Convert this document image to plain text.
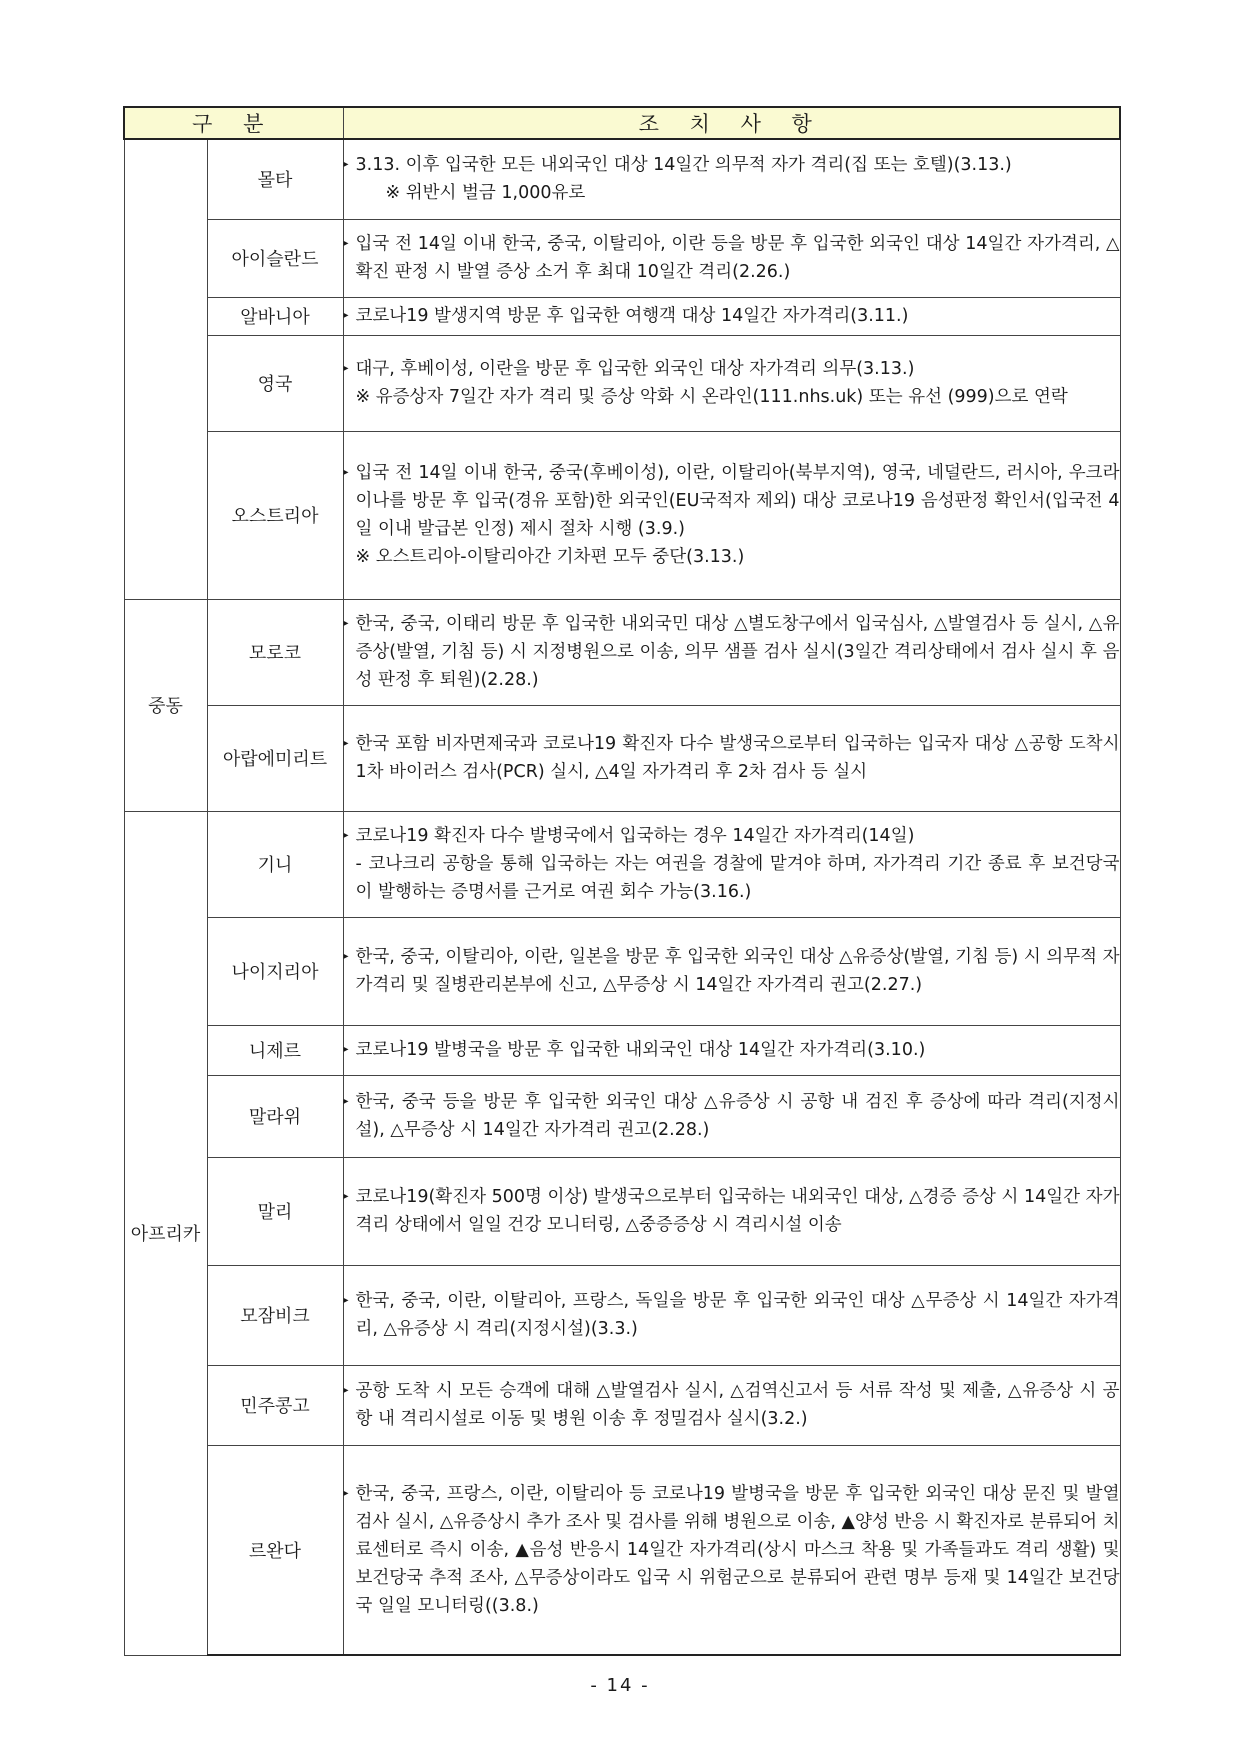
구 분		조 치 사 항
	몰타	▸ 3.13. 이후 입국한 모든 내외국인 대상 14일간 의무적 자가 격리(집 또는 호텔)(3.13.)
※ 위반시 벌금 1,000유로

	아이슬란드	▸ 입국 전 14일 이내 한국, 중국, 이탈리아, 이란 등을 방문 후 입국한 외국인 대상 14일간 자가격리, △확진 판정 시 발열 증상 소거 후 최대 10일간 격리(2.26.)

	알바니아	▸ 코로나19 발생지역 방문 후 입국한 여행객 대상 14일간 자가격리(3.11.)

	영국	▸ 대구, 후베이성, 이란을 방문 후 입국한 외국인 대상 자가격리 의무(3.13.)
※ 유증상자 7일간 자가 격리 및 증상 악화 시 온라인(111.nhs.uk) 또는 유선 (999)으로 연락

	오스트리아	▸ 입국 전 14일 이내 한국, 중국(후베이성), 이란, 이탈리아(북부지역), 영국, 네덜란드, 러시아, 우크라이나를 방문 후 입국(경유 포함)한 외국인(EU국적자 제외) 대상 코로나19 음성판정 확인서(입국전 4일 이내 발급본 인정) 제시 절차 시행 (3.9.)
※ 오스트리아-이탈리아간 기차편 모두 중단(3.13.)

중동	모로코	▸ 한국, 중국, 이태리 방문 후 입국한 내외국민 대상 △별도창구에서 입국심사, △발열검사 등 실시, △유증상(발열, 기침 등) 시 지정병원으로 이송, 의무 샘플 검사 실시(3일간 격리상태에서 검사 실시 후 음성 판정 후 퇴원)(2.28.)

	아랍에미리트	▸ 한국 포함 비자면제국과 코로나19 확진자 다수 발생국으로부터 입국하는 입국자 대상 △공항 도착시 1차 바이러스 검사(PCR) 실시, △4일 자가격리 후 2차 검사 등 실시

아프리카	기니	▸ 코로나19 확진자 다수 발병국에서 입국하는 경우 14일간 자가격리(14일)
- 코나크리 공항을 통해 입국하는 자는 여권을 경찰에 맡겨야 하며, 자가격리 기간 종료 후 보건당국이 발행하는 증명서를 근거로 여권 회수 가능(3.16.)

	나이지리아	▸ 한국, 중국, 이탈리아, 이란, 일본을 방문 후 입국한 외국인 대상 △유증상(발열, 기침 등) 시 의무적 자가격리 및 질병관리본부에 신고, △무증상 시 14일간 자가격리 권고(2.27.)

	니제르	▸ 코로나19 발병국을 방문 후 입국한 내외국인 대상 14일간 자가격리(3.10.)

	말라위	▸ 한국, 중국 등을 방문 후 입국한 외국인 대상 △유증상 시 공항 내 검진 후 증상에 따라 격리(지정시설), △무증상 시 14일간 자가격리 권고(2.28.)

	말리	▸ 코로나19(확진자 500명 이상) 발생국으로부터 입국하는 내외국인 대상, △경증 증상 시 14일간 자가격리 상태에서 일일 건강 모니터링, △중증증상 시 격리시설 이송

	모잠비크	▸ 한국, 중국, 이란, 이탈리아, 프랑스, 독일을 방문 후 입국한 외국인 대상 △무증상 시 14일간 자가격리, △유증상 시 격리(지정시설)(3.3.)

	민주콩고	▸ 공항 도착 시 모든 승객에 대해 △발열검사 실시, △검역신고서 등 서류 작성 및 제출, △유증상 시 공항 내 격리시설로 이동 및 병원 이송 후 정밀검사 실시(3.2.)

	르완다	▸ 한국, 중국, 프랑스, 이란, 이탈리아 등 코로나19 발병국을 방문 후 입국한 외국인 대상 문진 및 발열 검사 실시, △유증상시 추가 조사 및 검사를 위해 병원으로 이송, ▲양성 반응 시 확진자로 분류되어 치료센터로 즉시 이송, ▲음성 반응시 14일간 자가격리(상시 마스크 착용 및 가족들과도 격리 생활) 및 보건당국 추적 조사, △무증상이라도 입국 시 위험군으로 분류되어 관련 명부 등재 및 14일간 보건당국 일일 모니터링((3.8.)
- 14 -
